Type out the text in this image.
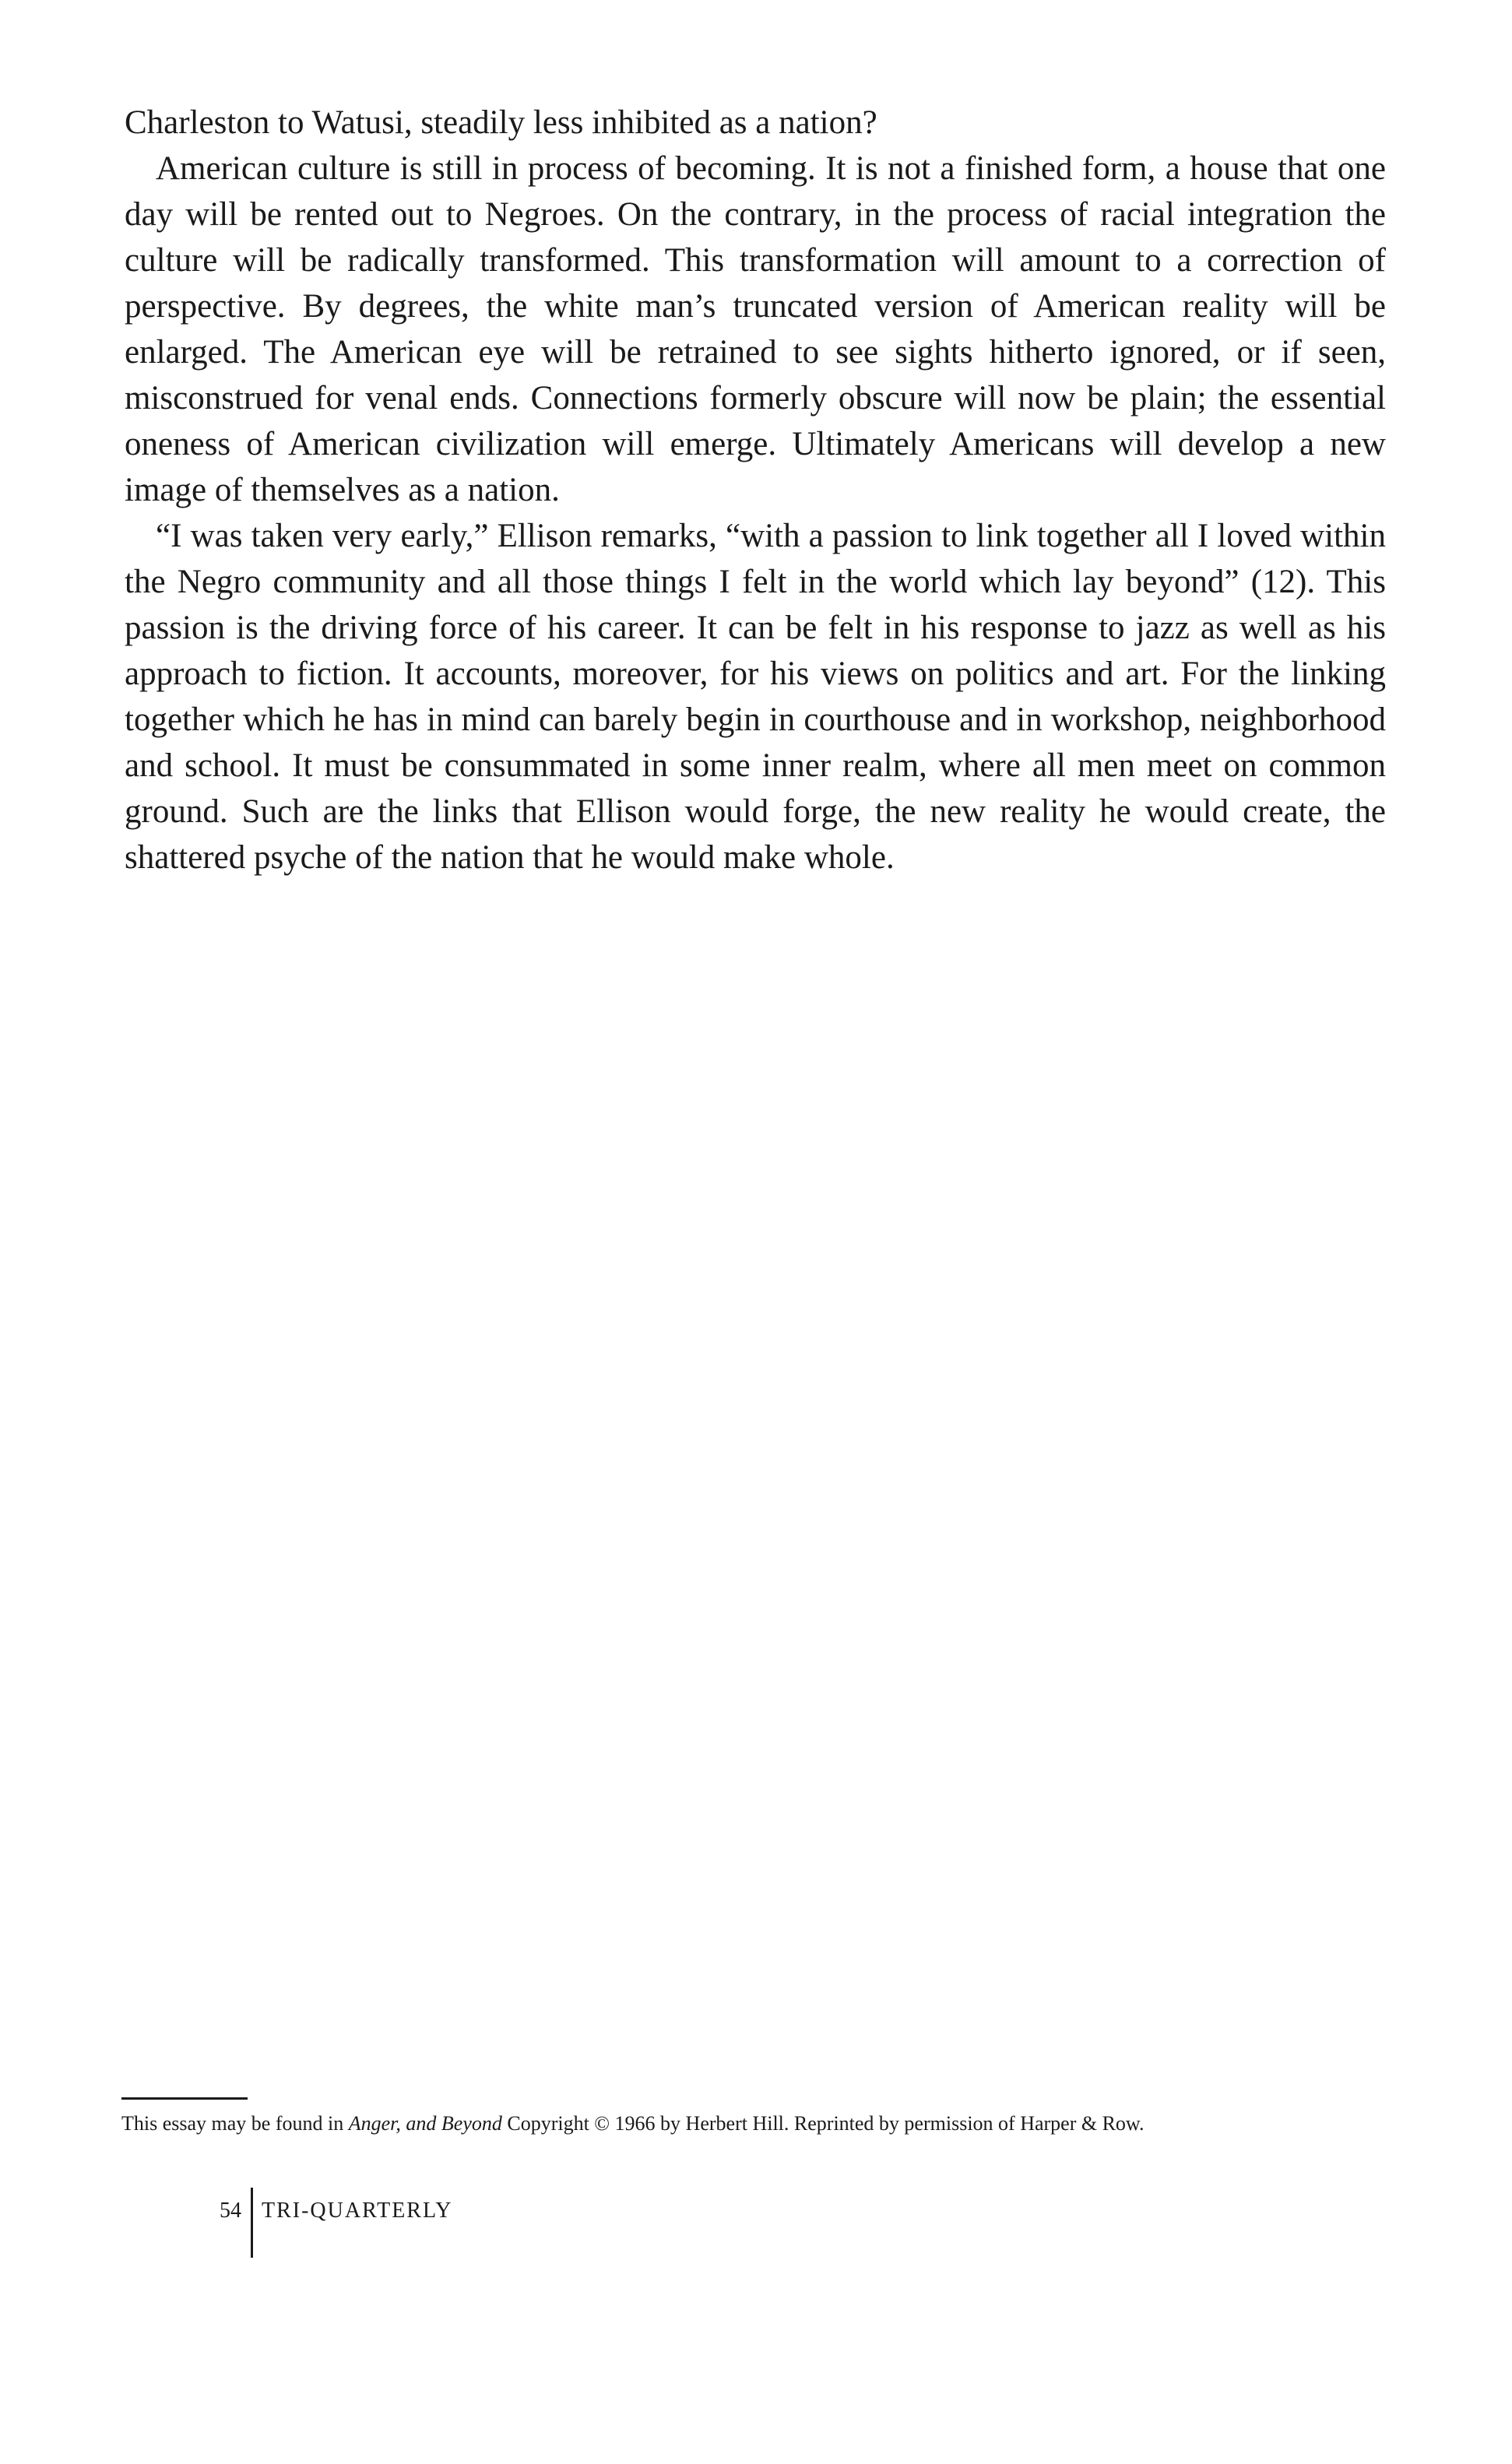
Charleston to Watusi, steadily less inhibited as a nation?

American culture is still in process of becoming. It is not a finished form, a house that one day will be rented out to Negroes. On the contrary, in the process of racial integration the culture will be radically transformed. This transformation will amount to a correction of perspective. By degrees, the white man’s truncated version of American reality will be enlarged. The American eye will be retrained to see sights hitherto ignored, or if seen, misconstrued for venal ends. Connections formerly obscure will now be plain; the essential oneness of American civilization will emerge. Ultimately Americans will develop a new image of themselves as a nation.

“I was taken very early,” Ellison remarks, “with a passion to link together all I loved within the Negro community and all those things I felt in the world which lay beyond” (12). This passion is the driving force of his career. It can be felt in his response to jazz as well as his approach to fiction. It accounts, moreover, for his views on politics and art. For the linking together which he has in mind can barely begin in courthouse and in workshop, neighborhood and school. It must be consummated in some inner realm, where all men meet on common ground. Such are the links that Ellison would forge, the new reality he would create, the shattered psyche of the nation that he would make whole.

This essay may be found in Anger, and Beyond Copyright © 1966 by Herbert Hill. Reprinted by permission of Harper & Row.
54 TRI-QUARTERLY
